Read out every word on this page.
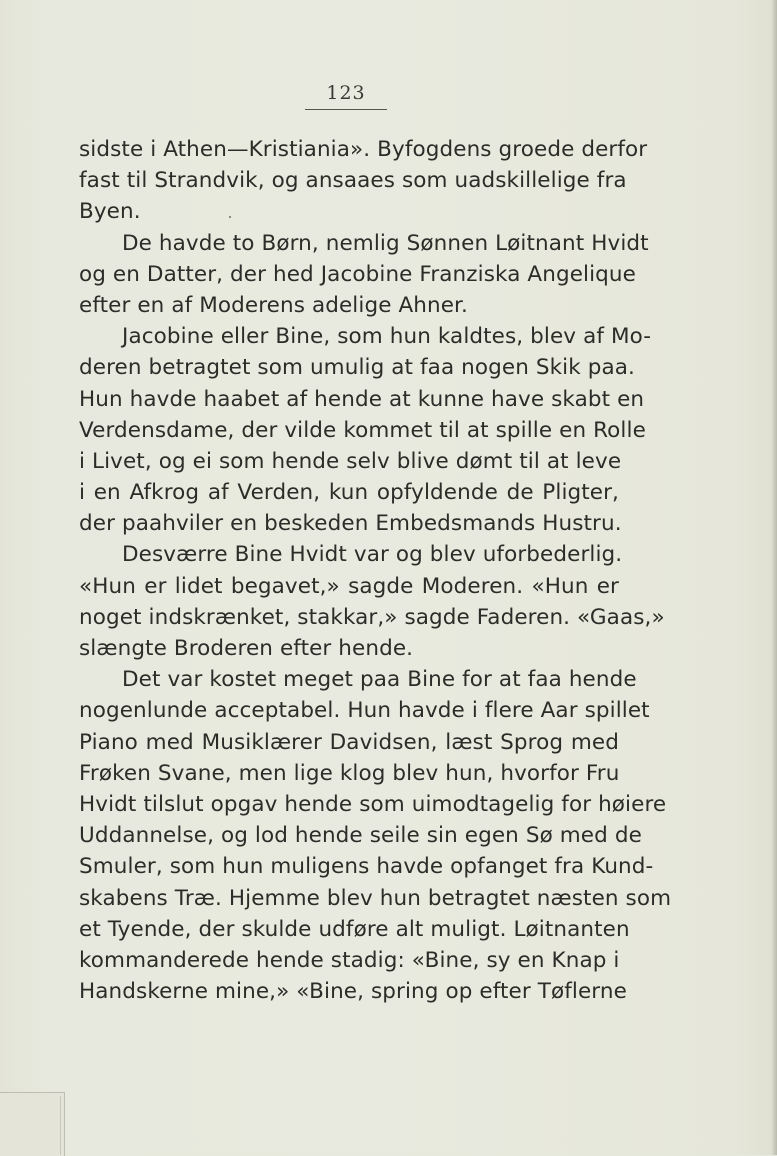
123
sidste i Athen—Kristiania». Byfogdens groede derfor
fast til Strandvik, og ansaaes som uadskillelige fra
Byen.
De havde to Børn, nemlig Sønnen Løitnant Hvidt
og en Datter, der hed Jacobine Franziska Angelique
efter en af Moderens adelige Ahner.
Jacobine eller Bine, som hun kaldtes, blev af Mo-
deren betragtet som umulig at faa nogen Skik paa.
Hun havde haabet af hende at kunne have skabt en
Verdensdame, der vilde kommet til at spille en Rolle
i Livet, og ei som hende selv blive dømt til at leve
i en Afkrog af Verden, kun opfyldende de Pligter,
der paahviler en beskeden Embedsmands Hustru.
Desværre Bine Hvidt var og blev uforbederlig.
«Hun er lidet begavet,» sagde Moderen. «Hun er
noget indskrænket, stakkar,» sagde Faderen. «Gaas,»
slængte Broderen efter hende.
Det var kostet meget paa Bine for at faa hende
nogenlunde acceptabel. Hun havde i flere Aar spillet
Piano med Musiklærer Davidsen, læst Sprog med
Frøken Svane, men lige klog blev hun, hvorfor Fru
Hvidt tilslut opgav hende som uimodtagelig for høiere
Uddannelse, og lod hende seile sin egen Sø med de
Smuler, som hun muligens havde opfanget fra Kund-
skabens Træ. Hjemme blev hun betragtet næsten som
et Tyende, der skulde udføre alt muligt. Løitnanten
kommanderede hende stadig: «Bine, sy en Knap i
Handskerne mine,» «Bine, spring op efter Tøflerne
